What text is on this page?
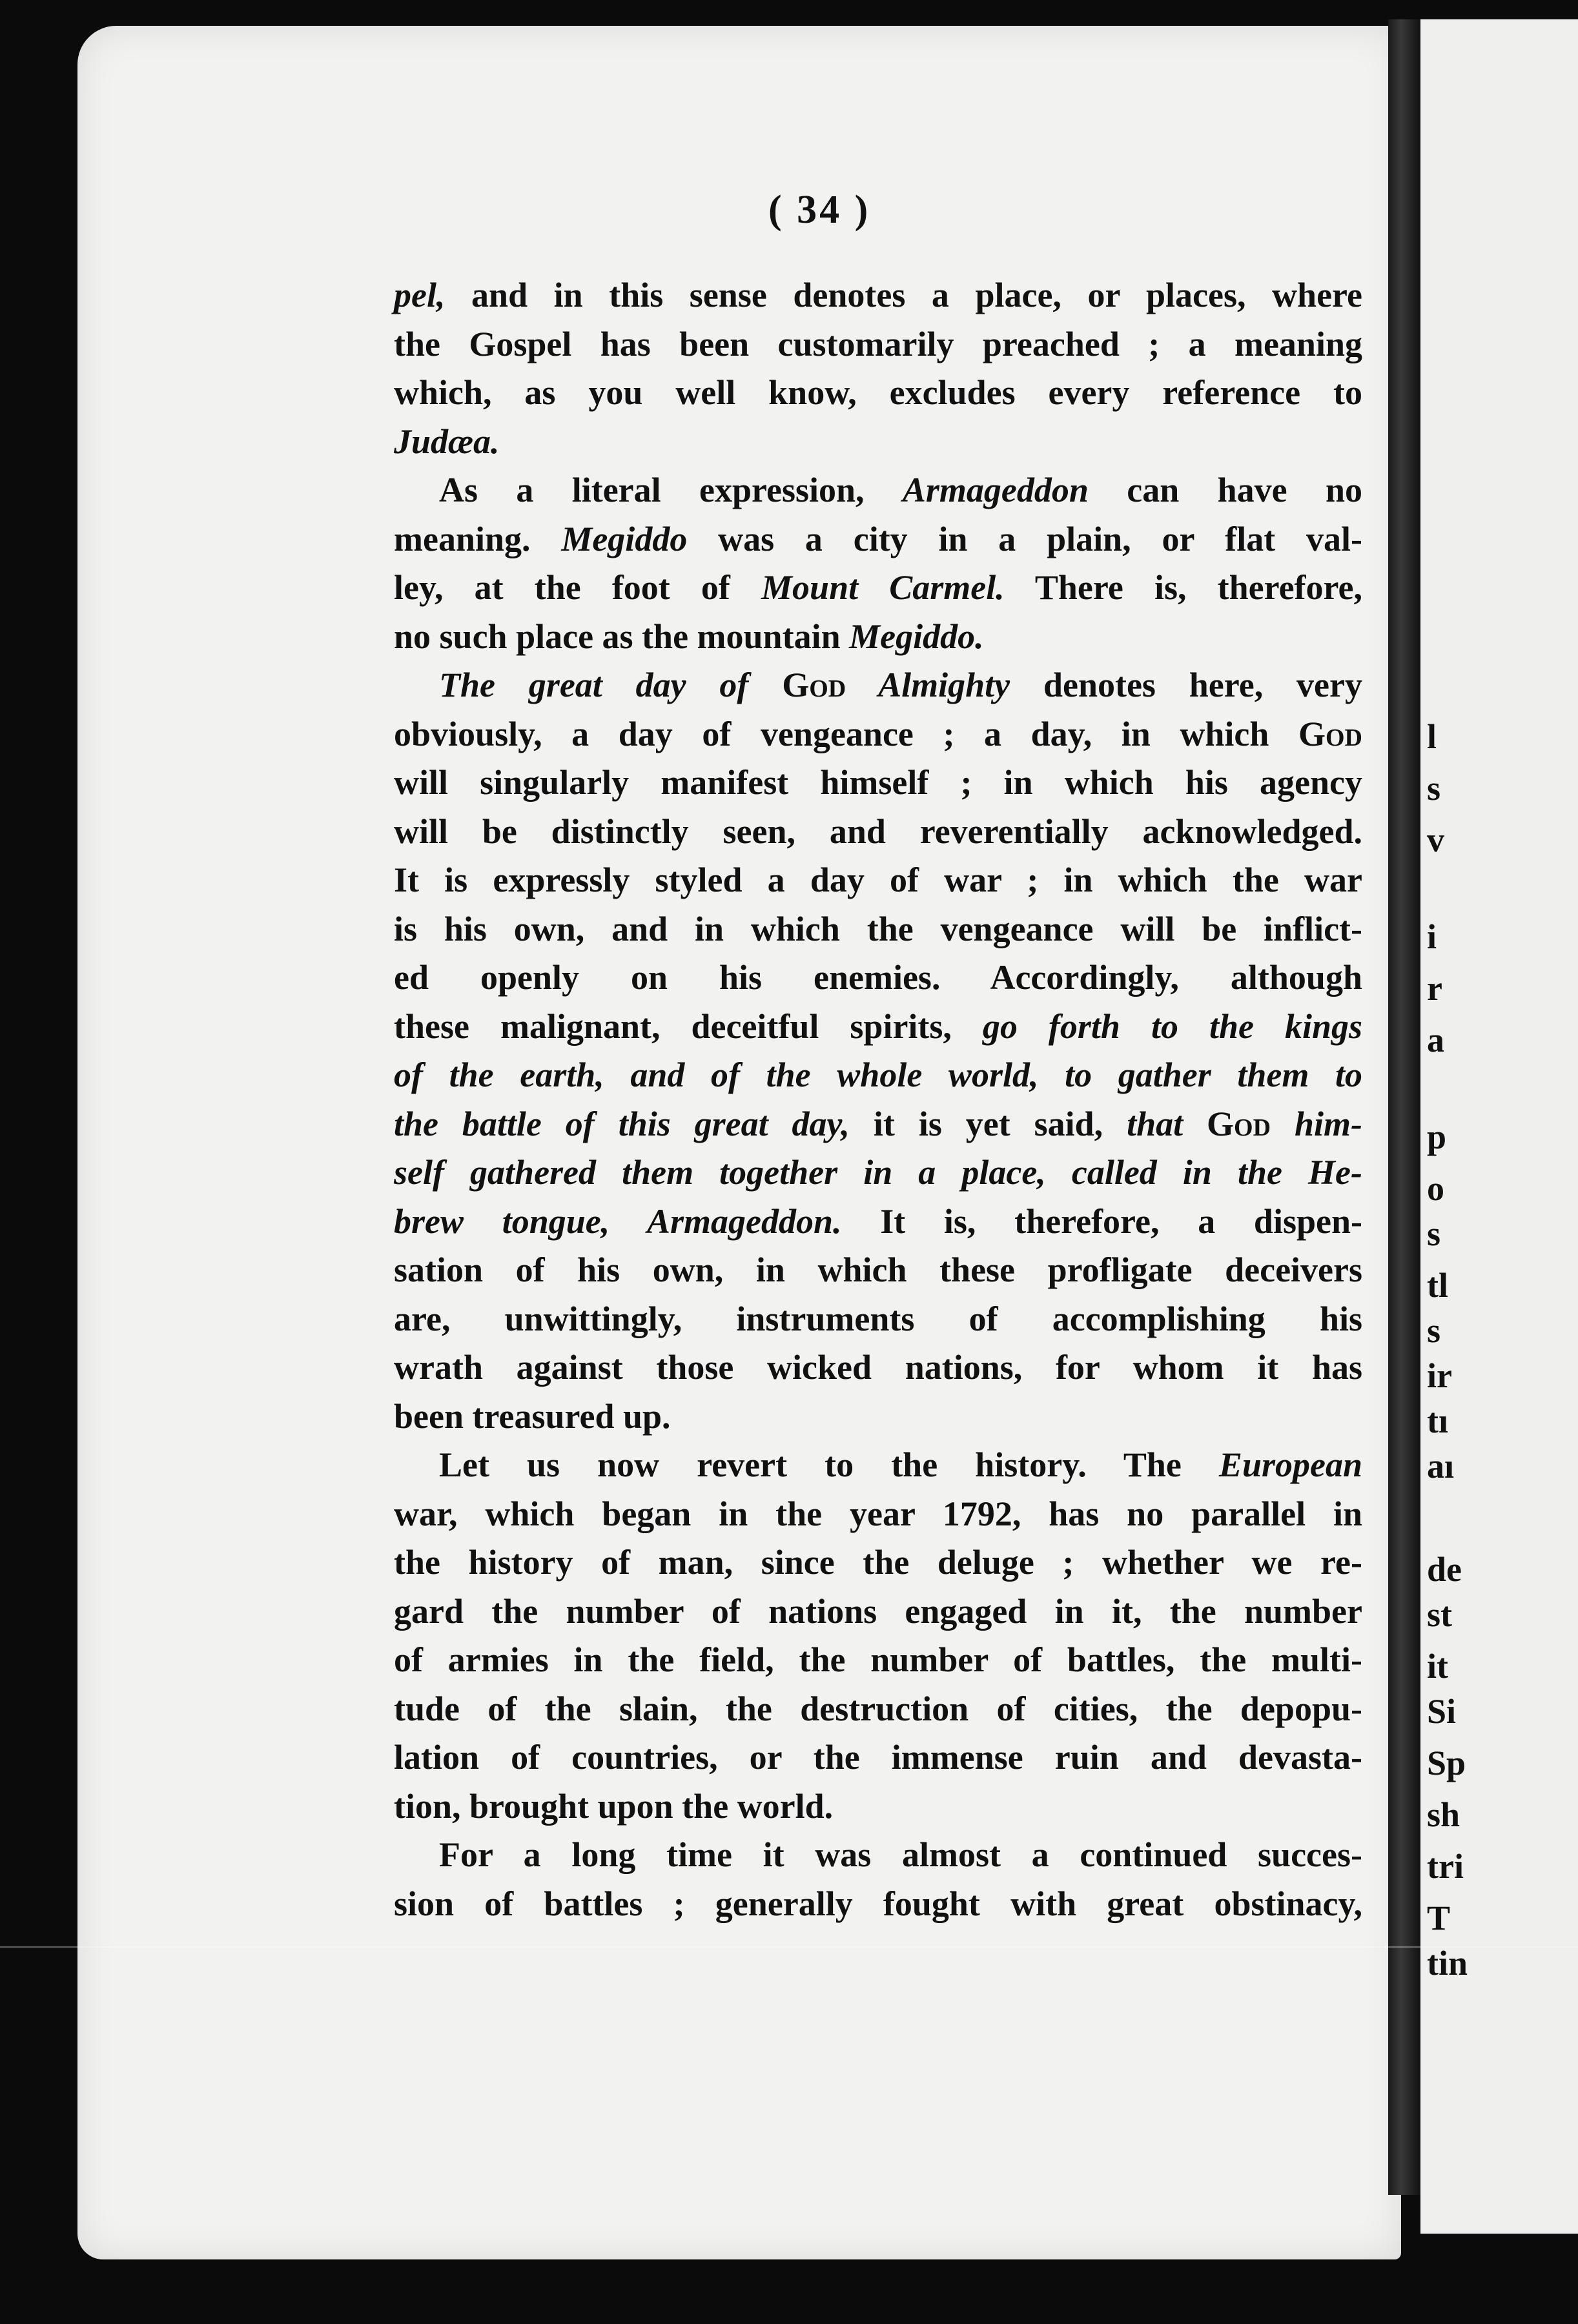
( 34 )
pel, and in this sense denotes a place, or places, where
the Gospel has been customarily preached ; a meaning
which, as you well know, excludes every reference to
Judæa.
As a literal expression, Armageddon can have no
meaning. Megiddo was a city in a plain, or flat val-
ley, at the foot of Mount Carmel. There is, therefore,
no such place as the mountain Megiddo.
The great day of God Almighty denotes here, very
obviously, a day of vengeance ; a day, in which God
will singularly manifest himself ; in which his agency
will be distinctly seen, and reverentially acknowledged.
It is expressly styled a day of war ; in which the war
is his own, and in which the vengeance will be inflict-
ed openly on his enemies. Accordingly, although
these malignant, deceitful spirits, go forth to the kings
of the earth, and of the whole world, to gather them to
the battle of this great day, it is yet said, that God him-
self gathered them together in a place, called in the He-
brew tongue, Armageddon. It is, therefore, a dispen-
sation of his own, in which these profligate deceivers
are, unwittingly, instruments of accomplishing his
wrath against those wicked nations, for whom it has
been treasured up.
Let us now revert to the history. The European
war, which began in the year 1792, has no parallel in
the history of man, since the deluge ; whether we re-
gard the number of nations engaged in it, the number
of armies in the field, the number of battles, the multi-
tude of the slain, the destruction of cities, the depopu-
lation of countries, or the immense ruin and devasta-
tion, brought upon the world.
For a long time it was almost a continued succes-
sion of battles ; generally fought with great obstinacy,
l
s
v
i
r
a
p
o
s
tl
s
ir
tı
aı
de
st
it
Si
Sp
sh
tri
T
tin
